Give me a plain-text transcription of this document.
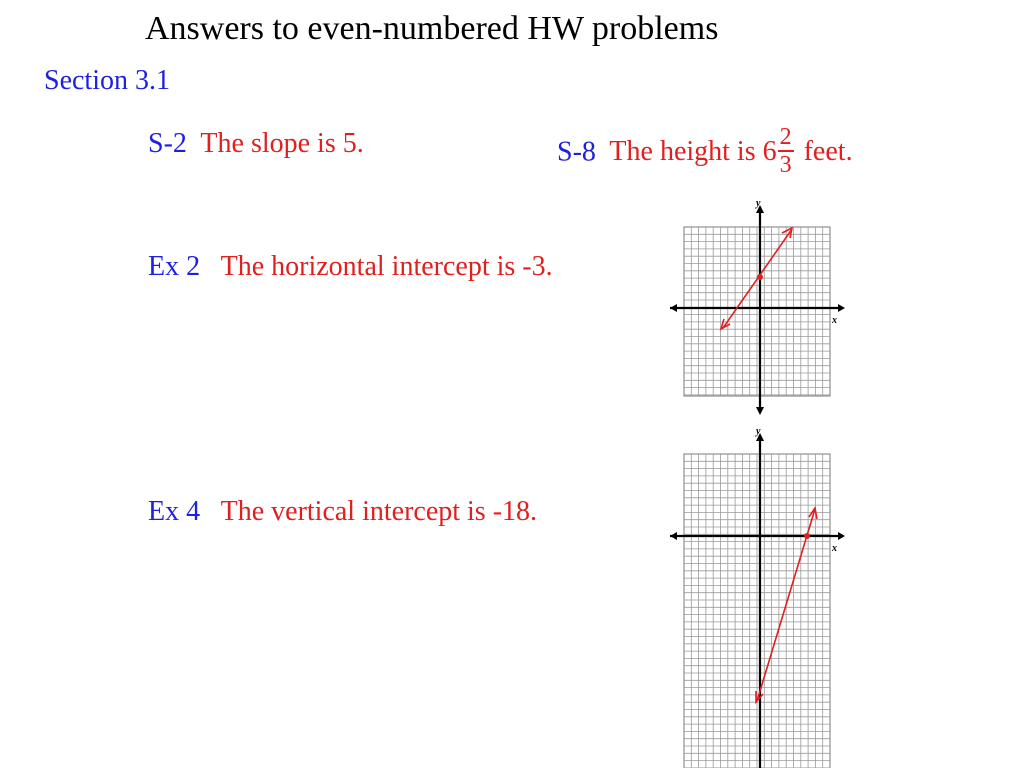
Answers to even-numbered HW problems
Section 3.1
S-2 The slope is 5.	S-8 The height is $6 \frac{2}{3}$ feet.
Ex 2 The horizontal intercept is -3.
Ex 4 The vertical intercept is -18.
y
x
y
x
